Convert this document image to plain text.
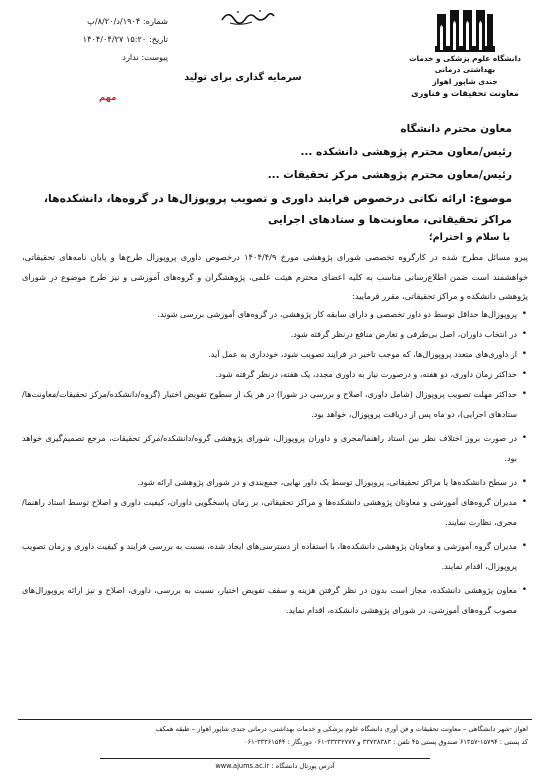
دانشگاه علوم پزشکی و خدمات بهداشتی درمانی
جندی شاپور اهواز
معاونت تحقیقات و فناوری
شماره: ۱۹۰۴/د/۸/۲۰/پ
تاریخ: ۱۵:۲۰ ۱۴۰۴/۰۴/۲۷
پیوست: ندارد
سرمایه گذاری برای تولید
مهم
معاون محترم دانشگاه
رئیس/معاون محترم پژوهشی دانشکده ...
رئیس/معاون محترم پژوهشی مرکز تحقیقات ...
موضوع: ارائه نکاتی درخصوص فرایند داوری و تصویب پروپوزال‌ها در گروه‌ها، دانشکده‌ها، مراکز تحقیقاتی، معاونت‌ها و ستادهای اجرایی
با سلام و احترام؛
پیرو مسائل مطرح شده در کارگروه تخصصی شورای پژوهشی مورخ ۱۴۰۴/۴/۹ درخصوص داوری پروپوزال طرح‌ها و پایان نامه‌های تحقیقاتی، خواهشمند است ضمن اطلاع‌رسانی مناسب به کلیه اعضای محترم هیئت علمی، پژوهشگران و گروه‌های آموزشی و نیز طرح موضوع در شورای پژوهشی دانشکده و مراکز تحقیقاتی، مقرر فرمایید:
•
پروپوزال‌ها حداقل توسط دو داور تخصصی و دارای سابقه کار پژوهشی، در گروه‌های آموزشی بررسی شوند.
•
در انتخاب داوران، اصل بی‌طرفی و تعارض منافع درنظر گرفته شود.
•
از داوری‌های متعدد پروپوزال‌ها، که موجب تاخیر در فرایند تصویب شود، خودداری به عمل آید.
•
حداکثر زمان داوری، دو هفته، و درصورت نیاز به داوری مجدد، یک هفته، درنظر گرفته شود.
•
حداکثر مهلت تصویب پروپوزال (شامل داوری، اصلاح و بررسی در شورا) در هر یک از سطوح تفویض اختیار (گروه/دانشکده/مرکز تحقیقات/معاونت‌ها/ستادهای اجرایی)، دو ماه پس از دریافت پروپوزال، خواهد بود.
•
در صورت بروز اختلاف نظر بین استاد راهنما/مجری و داوران پروپوزال، شورای پژوهشی گروه/دانشکده/مرکز تحقیقات، مرجع تصمیم‌گیری خواهد بود.
•
در سطح دانشکده‌ها یا مراکز تحقیقاتی، پروپوزال توسط یک داور نهایی، جمع‌بندی و در شورای پژوهشی ارائه شود.
•
مدیران گروه‌های آموزشی و معاونان پژوهشی دانشکده‌ها و مراکز تحقیقاتی، بر زمان پاسخگویی داوران، کیفیت داوری و اصلاح توسط استاد راهنما/مجری، نظارت نمایند.
•
مدیران گروه آموزشی و معاونان پژوهشی دانشکده‌ها، با استفاده از دسترسی‌های ایجاد شده، نسبت به بررسی فرایند و کیفیت داوری و زمان تصویب پروپوزال، اقدام نمایند.
•
معاون پژوهشی دانشکده، مجاز است بدون در نظر گرفتن هزینه و سقف تفویض اختیار، نسبت به بررسی، داوری، اصلاح و نیز ارائه پروپوزال‌های مصوب گروه‌های آموزشی، در شورای پژوهشی دانشکده، اقدام نماید.
اهواز -شهر دانشگاهی – معاونت تحقیقات و فن آوری دانشگاه علوم پزشکی و خدمات بهداشتی، درمانی جندی شاپور اهواز – طبقه همکف
کد پستی : ۱۵۷۹۴-۶۱۳۵۷ صندوق پستی ۴۵ تلفن : ۳۳۷۳۸۳۸۳ و ۳۳۳۳۲۷۷۷-۰۶۱ دورنگار : ۳۳۳۶۱۵۴۴-۰۶۱
آدرس پورتال دانشگاه : www.ajums.ac.ir
